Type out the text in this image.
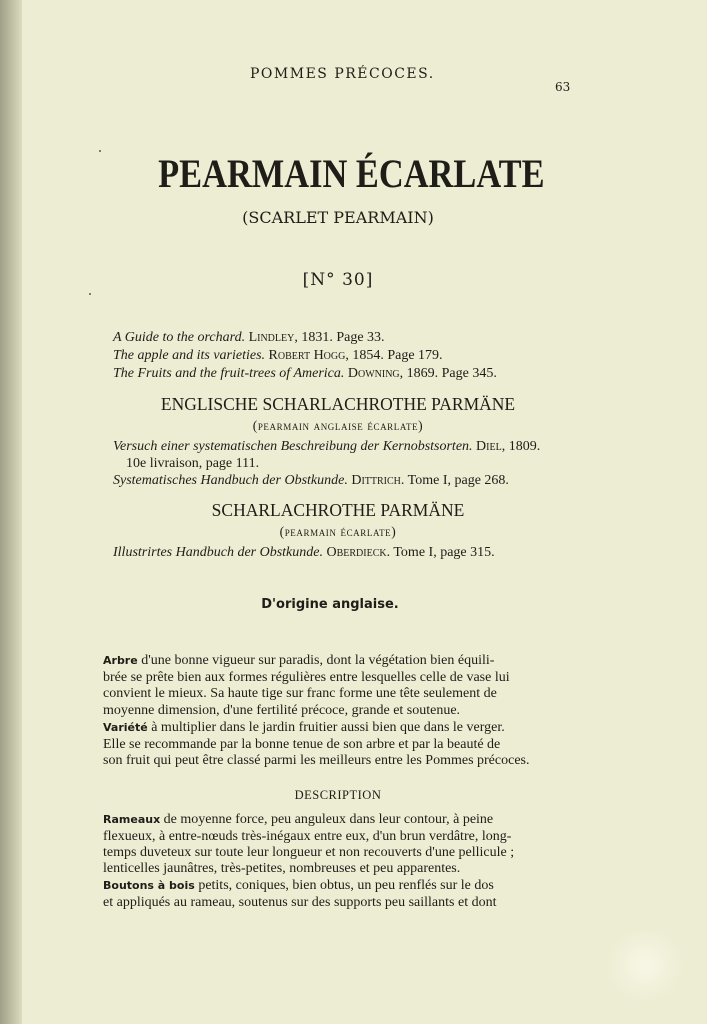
POMMES PRÉCOCES.
63
PEARMAIN ÉCARLATE
(SCARLET PEARMAIN)
[N° 30]
A Guide to the orchard. Lindley, 1831. Page 33.
The apple and its varieties. Robert Hogg, 1854. Page 179.
The Fruits and the fruit-trees of America. Downing, 1869. Page 345.
ENGLISCHE SCHARLACHROTHE PARMÄNE
(pearmain anglaise écarlate)
Versuch einer systematischen Beschreibung der Kernobstsorten. Diel, 1809.
10e livraison, page 111.
Systematisches Handbuch der Obstkunde. Dittrich. Tome I, page 268.
SCHARLACHROTHE PARMÄNE
(pearmain écarlate)
Illustrirtes Handbuch der Obstkunde. Oberdieck. Tome I, page 315.
D'origine anglaise.
Arbre d'une bonne vigueur sur paradis, dont la végétation bien équili-
brée se prête bien aux formes régulières entre lesquelles celle de vase lui
convient le mieux. Sa haute tige sur franc forme une tête seulement de
moyenne dimension, d'une fertilité précoce, grande et soutenue.
Variété à multiplier dans le jardin fruitier aussi bien que dans le verger.
Elle se recommande par la bonne tenue de son arbre et par la beauté de
son fruit qui peut être classé parmi les meilleurs entre les Pommes précoces.
DESCRIPTION
Rameaux de moyenne force, peu anguleux dans leur contour, à peine
flexueux, à entre-nœuds très-inégaux entre eux, d'un brun verdâtre, long-
temps duveteux sur toute leur longueur et non recouverts d'une pellicule ;
lenticelles jaunâtres, très-petites, nombreuses et peu apparentes.
Boutons à bois petits, coniques, bien obtus, un peu renflés sur le dos
et appliqués au rameau, soutenus sur des supports peu saillants et dont
